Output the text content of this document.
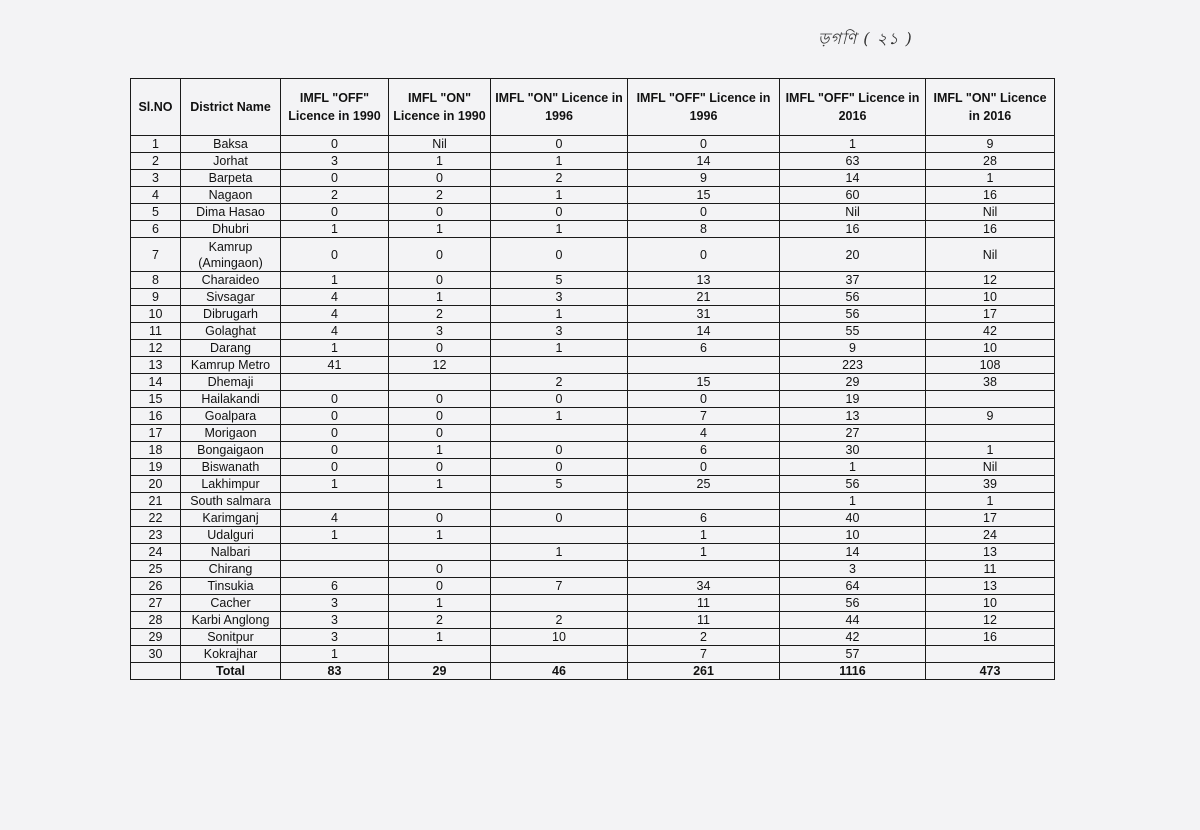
ড়গণি ( ২১ )
Sl.NO	District Name	IMFL "OFF" Licence in 1990	IMFL "ON" Licence in 1990	IMFL "ON" Licence in 1996	IMFL "OFF" Licence in 1996	IMFL "OFF" Licence in 2016	IMFL "ON" Licence in 2016
1	Baksa	0	Nil	0	0	1	9
2	Jorhat	3	1	1	14	63	28
3	Barpeta	0	0	2	9	14	1
4	Nagaon	2	2	1	15	60	16
5	Dima Hasao	0	0	0	0	Nil	Nil
6	Dhubri	1	1	1	8	16	16
7	Kamrup (Amingaon)	0	0	0	0	20	Nil
8	Charaideo	1	0	5	13	37	12
9	Sivsagar	4	1	3	21	56	10
10	Dibrugarh	4	2	1	31	56	17
11	Golaghat	4	3	3	14	55	42
12	Darang	1	0	1	6	9	10
13	Kamrup Metro	41	12			223	108
14	Dhemaji			2	15	29	38
15	Hailakandi	0	0	0	0	19	
16	Goalpara	0	0	1	7	13	9
17	Morigaon	0	0		4	27	
18	Bongaigaon	0	1	0	6	30	1
19	Biswanath	0	0	0	0	1	Nil
20	Lakhimpur	1	1	5	25	56	39
21	South salmara					1	1
22	Karimganj	4	0	0	6	40	17
23	Udalguri	1	1		1	10	24
24	Nalbari			1	1	14	13
25	Chirang		0			3	11
26	Tinsukia	6	0	7	34	64	13
27	Cacher	3	1		11	56	10
28	Karbi Anglong	3	2	2	11	44	12
29	Sonitpur	3	1	10	2	42	16
30	Kokrajhar	1			7	57	
	Total	83	29	46	261	1116	473
